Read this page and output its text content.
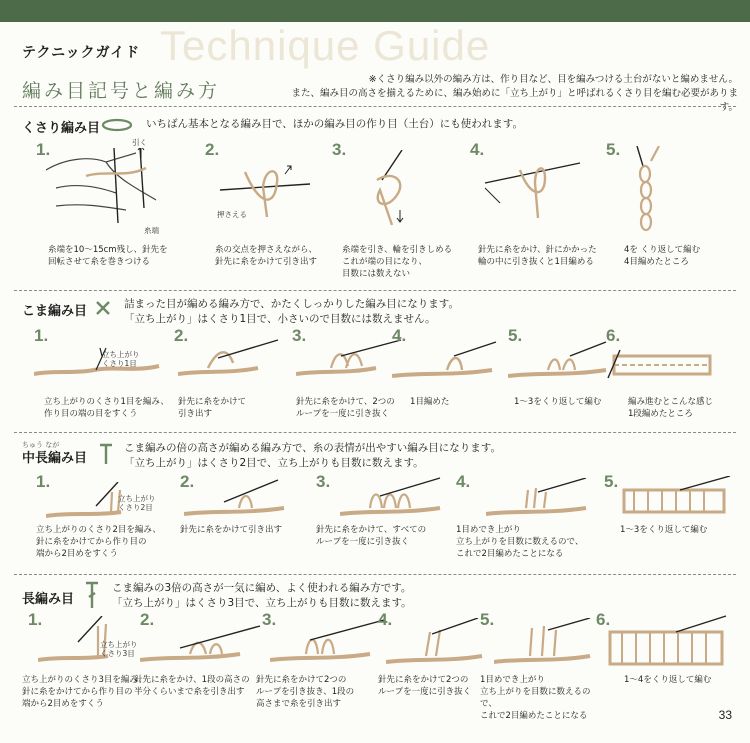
Technique Guide
テクニックガイド
編み目記号と編み方
※くさり編み以外の編み方は、作り目など、目を編みつける土台がないと編めません。
また、編み目の高さを揃えるために、編み始めに「立ち上がり」と呼ばれるくさり目を編む必要があります。
くさり編み目	いちばん基本となる編み目で、ほかの編み目の作り目（土台）にも使われます。
1.	引く
糸端
糸端を10〜15cm残し、針先を
回転させて糸を巻きつける
2.
押さえる
糸の交点を押さえながら、
針先に糸をかけて引き出す
3.
糸端を引き、輪を引きしめる
これが端の目になり、
目数には数えない
4.
針先に糸をかけ、針にかかった
輪の中に引き抜くと1目編める
5.
4を くり返して編む
4目編めたところ
こま編み目	詰まった目が編める編み方で、かたくしっかりした編み目になります。
「立ち上がり」はくさり1目で、小さいので目数には数えません。
1.
立ち上がり
くさり1目
立ち上がりのくさり1目を編み、
作り目の端の目をすくう
2.
針先に糸をかけて
引き出す
3.
針先に糸をかけて、2つの
ループを一度に引き抜く
4.
1目編めた
5.
1〜3をくり返して編む
6.
編み進むとこんな感じ
1段編めたところ
ちゅう なが
中長編み目
こま編みの倍の高さが編める編み方で、糸の表情が出やすい編み目になります。
「立ち上がり」はくさり2目で、立ち上がりも目数に数えます。
1.
立ち上がり
くさり2目
立ち上がりのくさり2目を編み、
針に糸をかけてから作り目の
端から2目めをすくう
2.
針先に糸をかけて引き出す
3.
針先に糸をかけて、すべての
ループを一度に引き抜く
4.
1目めでき上がり
立ち上がりを目数に数えるので、
これで2目編めたことになる
5.
1〜3をくり返して編む
長編み目
こま編みの3倍の高さが一気に編め、よく使われる編み方です。
「立ち上がり」はくさり3目で、立ち上がりも目数に数えます。
1.
立ち上がり
くさり3目
立ち上がりのくさり3目を編み、
針に糸をかけてから作り目の
端から2目めをすくう
2.
針先に糸をかけ、1段の高さの
半分くらいまで糸を引き出す
3.
針先に糸をかけて2つの
ループを引き抜き、1段の
高さまで糸を引き出す
4.
針先に糸をかけて2つの
ループを一度に引き抜く
5.
1目めでき上がり
立ち上がりを目数に数えるので、
これで2目編めたことになる
6.
1〜4をくり返して編む
33
